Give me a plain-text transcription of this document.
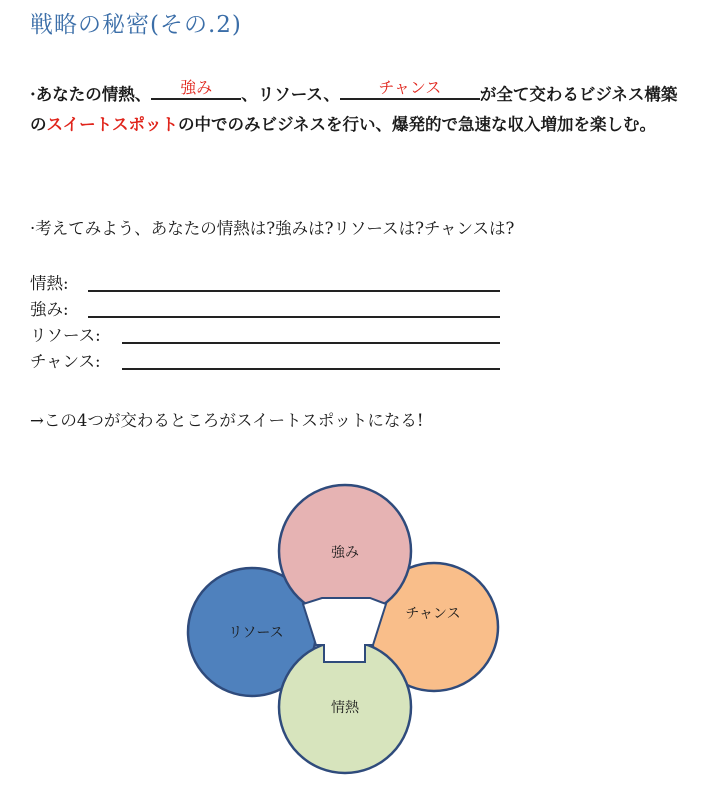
戦略の秘密(その.2)
·あなたの情熱、	強み	、リソース、	チャンス	が全て交わるビジネス構築のスイートスポットの中でのみビジネスを行い、爆発的で急速な収入増加を楽しむ。
·考えてみよう、あなたの情熱は?強みは?リソースは?チャンスは?
情熱:
強み:
リソース:
チャンス:
→この4つが交わるところがスイートスポットになる!
強み
リソース
チャンス
情熱
